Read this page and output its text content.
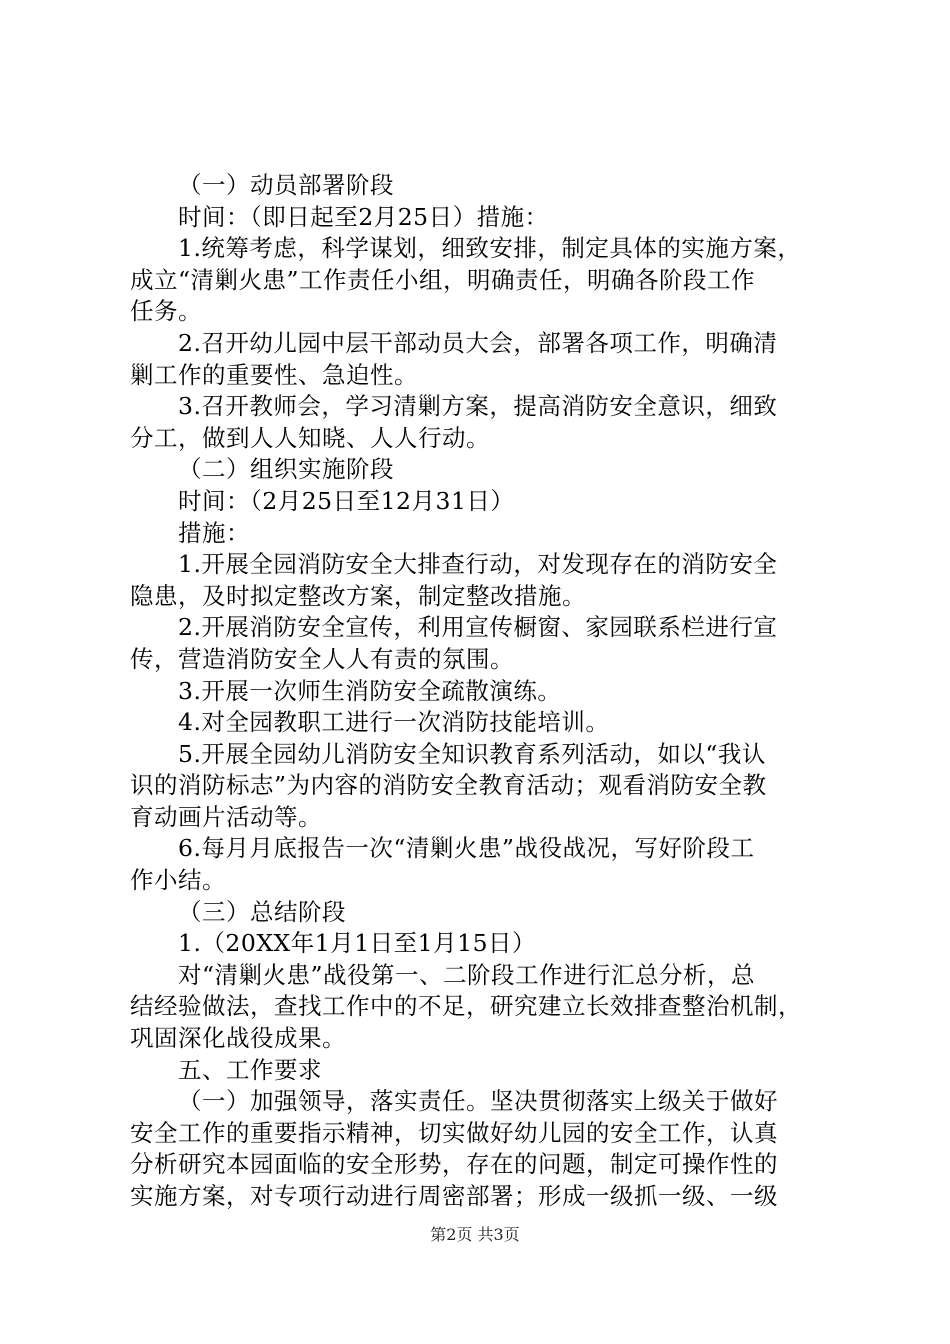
（一）动员部署阶段
时间：（即日起至2月25日）措施：
1.统筹考虑，科学谋划，细致安排，制定具体的实施方案，
成立“清剿火患”工作责任小组，明确责任，明确各阶段工作
任务。
2.召开幼儿园中层干部动员大会，部署各项工作，明确清
剿工作的重要性、急迫性。
3.召开教师会，学习清剿方案，提高消防安全意识，细致
分工，做到人人知晓、人人行动。
（二）组织实施阶段
时间：（2月25日至12月31日）
措施：
1.开展全园消防安全大排查行动，对发现存在的消防安全
隐患，及时拟定整改方案，制定整改措施。
2.开展消防安全宣传，利用宣传橱窗、家园联系栏进行宣
传，营造消防安全人人有责的氛围。
3.开展一次师生消防安全疏散演练。
4.对全园教职工进行一次消防技能培训。
5.开展全园幼儿消防安全知识教育系列活动，如以“我认
识的消防标志”为内容的消防安全教育活动；观看消防安全教
育动画片活动等。
6.每月月底报告一次“清剿火患”战役战况，写好阶段工
作小结。
（三）总结阶段
1.（20XX年1月1日至1月15日）
对“清剿火患”战役第一、二阶段工作进行汇总分析，总
结经验做法，查找工作中的不足，研究建立长效排查整治机制，
巩固深化战役成果。
五、工作要求
（一）加强领导，落实责任。坚决贯彻落实上级关于做好
安全工作的重要指示精神，切实做好幼儿园的安全工作，认真
分析研究本园面临的安全形势，存在的问题，制定可操作性的
实施方案，对专项行动进行周密部署；形成一级抓一级、一级
第2页 共3页
